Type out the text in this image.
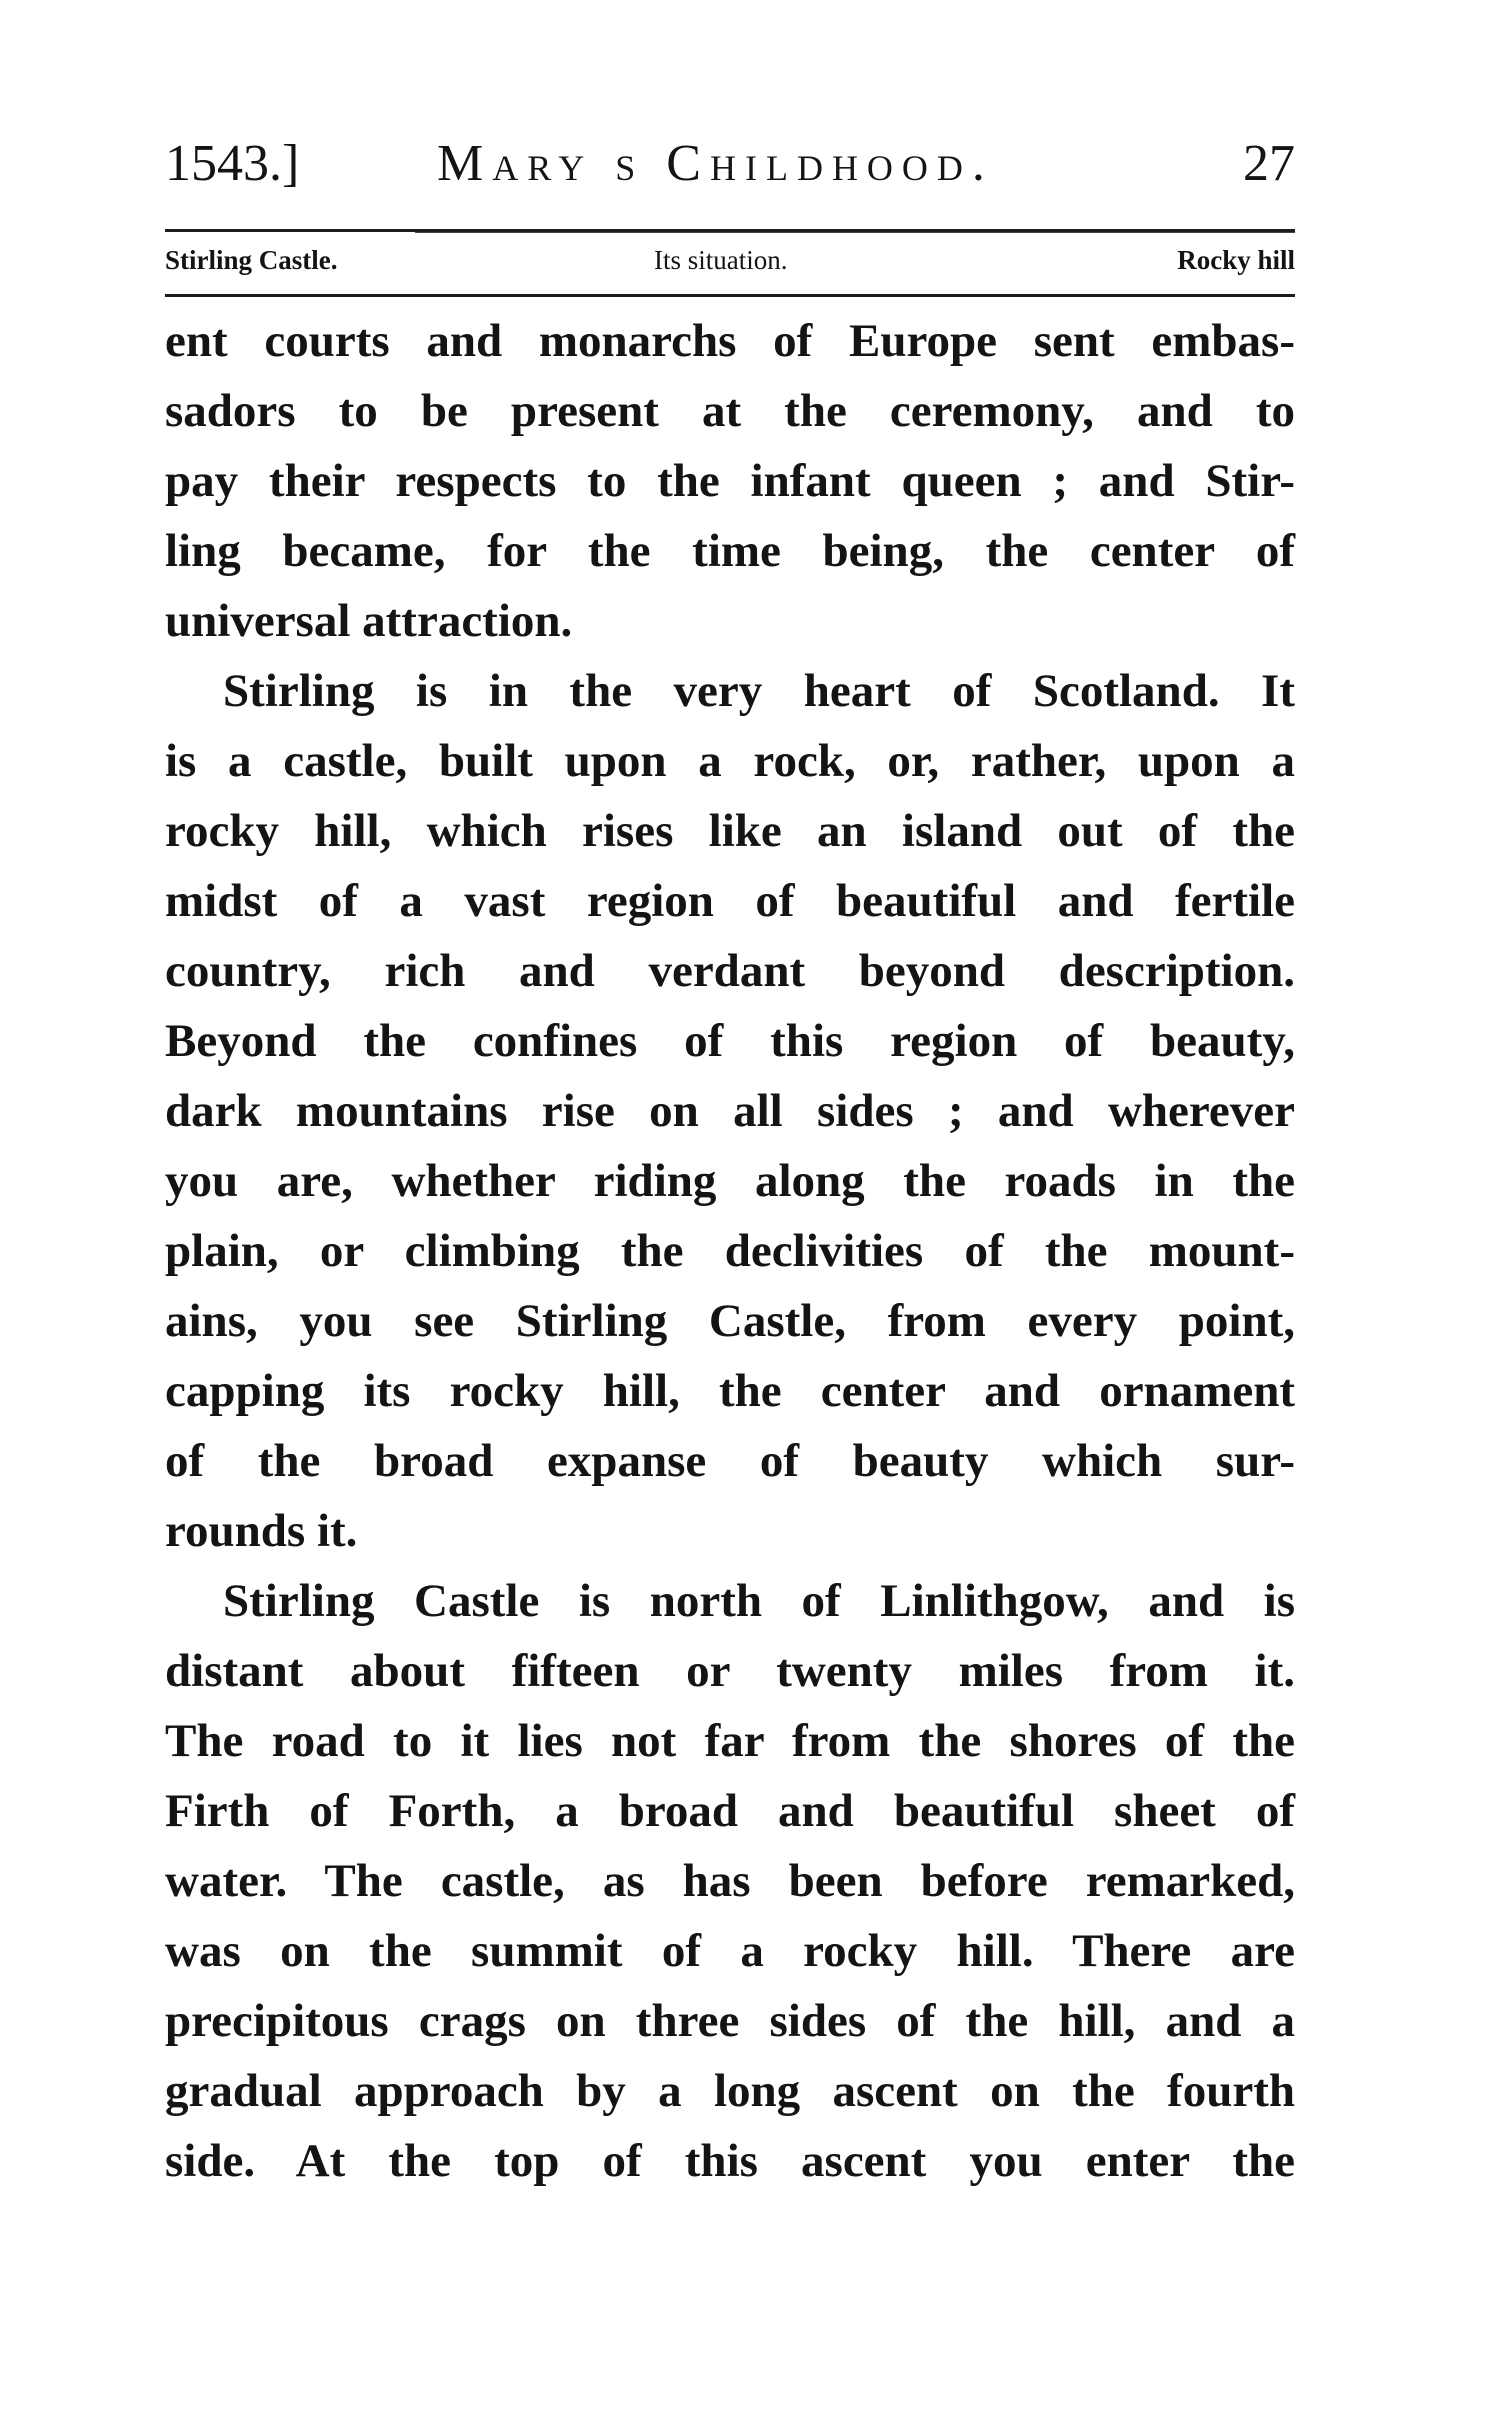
1543.]	Mary s Childhood.	27
Stirling Castle.	Its situation.	Rocky hill
ent courts and monarchs of Europe sent embas-
sadors to be present at the ceremony, and to
pay their respects to the infant queen ; and Stir-
ling became, for the time being, the center of
universal attraction.
Stirling is in the very heart of Scotland. It
is a castle, built upon a rock, or, rather, upon a
rocky hill, which rises like an island out of the
midst of a vast region of beautiful and fertile
country, rich and verdant beyond description.
Beyond the confines of this region of beauty,
dark mountains rise on all sides ; and wherever
you are, whether riding along the roads in the
plain, or climbing the declivities of the mount-
ains, you see Stirling Castle, from every point,
capping its rocky hill, the center and ornament
of the broad expanse of beauty which sur-
rounds it.
Stirling Castle is north of Linlithgow, and is
distant about fifteen or twenty miles from it.
The road to it lies not far from the shores of the
Firth of Forth, a broad and beautiful sheet of
water. The castle, as has been before remarked,
was on the summit of a rocky hill. There are
precipitous crags on three sides of the hill, and a
gradual approach by a long ascent on the fourth
side. At the top of this ascent you enter the
